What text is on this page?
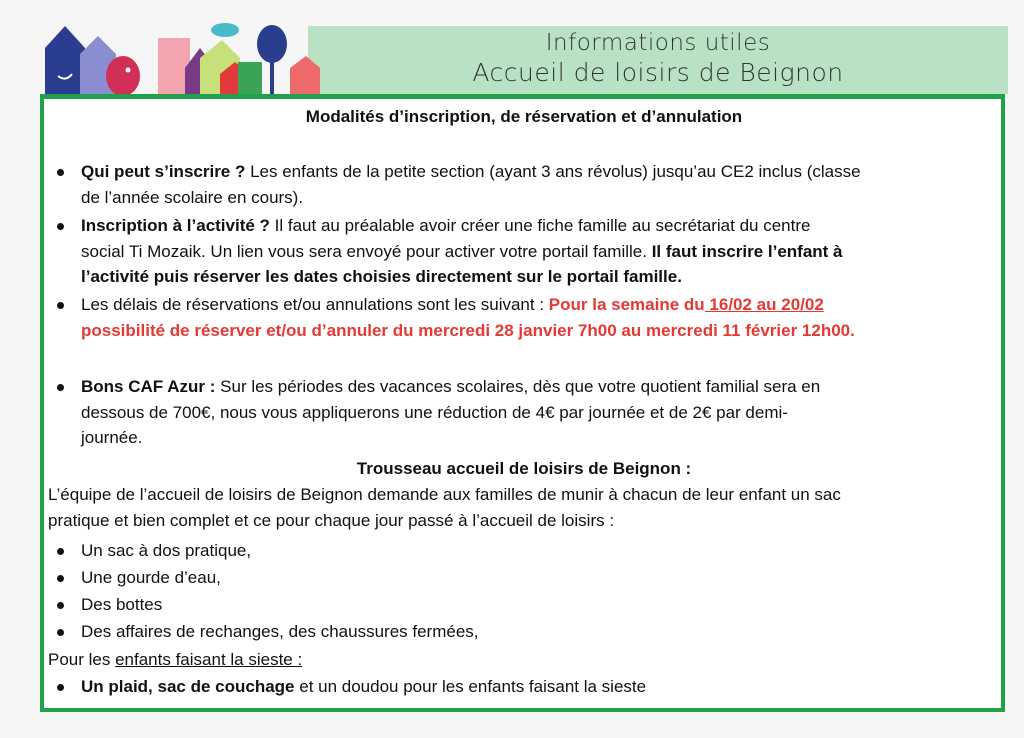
Informations utiles
Accueil de loisirs de Beignon
Modalités d’inscription, de réservation et d’annulation
Qui peut s’inscrire ? Les enfants de la petite section (ayant 3 ans révolus) jusqu’au CE2 inclus (classe
de l’année scolaire en cours).
Inscription à l’activité ? Il faut au préalable avoir créer une fiche famille au secrétariat du centre
social Ti Mozaik. Un lien vous sera envoyé pour activer votre portail famille. Il faut inscrire l’enfant à
l’activité puis réserver les dates choisies directement sur le portail famille.
Les délais de réservations et/ou annulations sont les suivant : Pour la semaine du 16/02 au 20/02
possibilité de réserver et/ou d’annuler du mercredi 28 janvier 7h00 au mercredi 11 février 12h00.
Bons CAF Azur : Sur les périodes des vacances scolaires, dès que votre quotient familial sera en
dessous de 700€, nous vous appliquerons une réduction de 4€ par journée et de 2€ par demi-
journée.
Trousseau accueil de loisirs de Beignon :
L’équipe de l’accueil de loisirs de Beignon demande aux familles de munir à chacun de leur enfant un sac
pratique et bien complet et ce pour chaque jour passé à l’accueil de loisirs :
Un sac à dos pratique,
Une gourde d’eau,
Des bottes
Des affaires de rechanges, des chaussures fermées,
Pour les enfants faisant la sieste :
Un plaid, sac de couchage et un doudou pour les enfants faisant la sieste
